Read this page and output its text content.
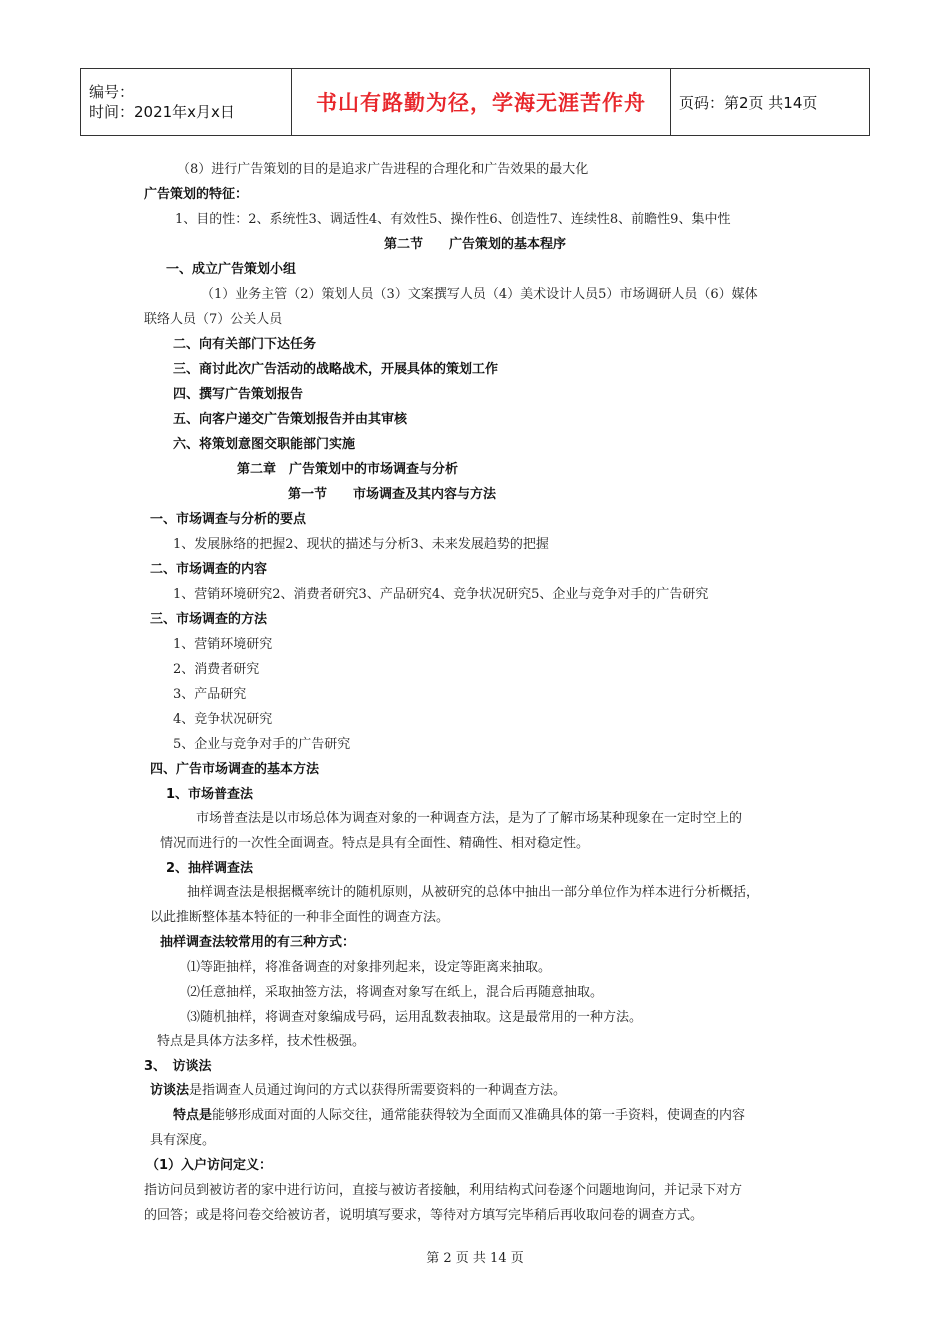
编号：
时间：2021年x月x日	书山有路勤为径，学海无涯苦作舟	页码：第2页 共14页
（8）进行广告策划的目的是追求广告进程的合理化和广告效果的最大化
广告策划的特征：
1、目的性：2、系统性3、调适性4、有效性5、操作性6、创造性7、连续性8、前瞻性9、集中性
第二节　　广告策划的基本程序
一、成立广告策划小组
（1）业务主管（2）策划人员（3）文案撰写人员（4）美术设计人员5）市场调研人员（6）媒体
联络人员（7）公关人员
二、向有关部门下达任务
三、商讨此次广告活动的战略战术，开展具体的策划工作
四、撰写广告策划报告
五、向客户递交广告策划报告并由其审核
六、将策划意图交职能部门实施
第二章　广告策划中的市场调查与分析
第一节　　市场调查及其内容与方法
一、市场调查与分析的要点
1、发展脉络的把握2、现状的描述与分析3、未来发展趋势的把握
二、市场调查的内容
1、营销环境研究2、消费者研究3、产品研究4、竞争状况研究5、企业与竞争对手的广告研究
三、市场调查的方法
1、营销环境研究
2、消费者研究
3、产品研究
4、竞争状况研究
5、企业与竞争对手的广告研究
四、广告市场调查的基本方法
1、市场普查法
市场普查法是以市场总体为调查对象的一种调查方法，是为了了解市场某种现象在一定时空上的
情况而进行的一次性全面调查。特点是具有全面性、精确性、相对稳定性。
2、抽样调查法
抽样调查法是根据概率统计的随机原则，从被研究的总体中抽出一部分单位作为样本进行分析概括，
以此推断整体基本特征的一种非全面性的调查方法。
抽样调查法较常用的有三种方式：
⑴等距抽样，将准备调查的对象排列起来，设定等距离来抽取。
⑵任意抽样，采取抽签方法，将调查对象写在纸上，混合后再随意抽取。
⑶随机抽样，将调查对象编成号码，运用乱数表抽取。这是最常用的一种方法。
特点是具体方法多样，技术性极强。
3、　访谈法
访谈法是指调查人员通过询问的方式以获得所需要资料的一种调查方法。
特点是能够形成面对面的人际交往，通常能获得较为全面而又准确具体的第一手资料，使调查的内容
具有深度。
（1）入户访问定义：
指访问员到被访者的家中进行访问，直接与被访者接触，利用结构式问卷逐个问题地询问，并记录下对方
的回答；或是将问卷交给被访者，说明填写要求，等待对方填写完毕稍后再收取问卷的调查方式。
第 2 页 共 14 页
